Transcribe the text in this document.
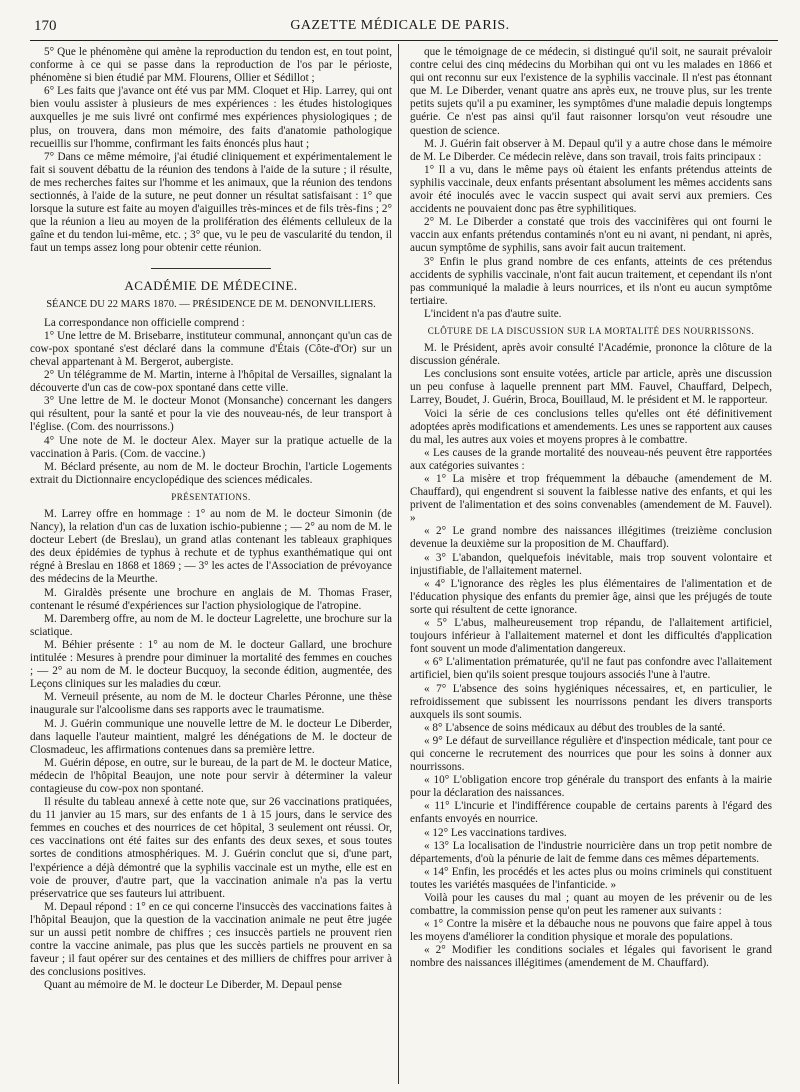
170	GAZETTE MÉDICALE DE PARIS.

5° Que le phénomène qui amène la reproduction du tendon est, en tout point, conforme à ce qui se passe dans la reproduction de l'os par le périoste, phénomène si bien étudié par MM. Flourens, Ollier et Sédillot ;

6° Les faits que j'avance ont été vus par MM. Cloquet et Hip. Larrey, qui ont bien voulu assister à plusieurs de mes expériences : les études histologiques auxquelles je me suis livré ont confirmé mes expériences physiologiques ; de plus, on trouvera, dans mon mémoire, des faits d'anatomie pathologique recueillis sur l'homme, confirmant les faits énoncés plus haut ;

7° Dans ce même mémoire, j'ai étudié cliniquement et expérimentalement le fait si souvent débattu de la réunion des tendons à l'aide de la suture ; il résulte, de mes recherches faites sur l'homme et les animaux, que la réunion des tendons sectionnés, à l'aide de la suture, ne peut donner un résultat satisfaisant : 1° que lorsque la suture est faite au moyen d'aiguilles très-minces et de fils très-fins ; 2° que la réunion a lieu au moyen de la prolifération des éléments celluleux de la gaîne et du tendon lui-même, etc. ; 3° que, vu le peu de vascularité du tendon, il faut un temps assez long pour obtenir cette réunion.

ACADÉMIE DE MÉDECINE.
SÉANCE DU 22 MARS 1870. — PRÉSIDENCE DE M. DENONVILLIERS.

La correspondance non officielle comprend :

1° Une lettre de M. Brisebarre, instituteur communal, annonçant qu'un cas de cow-pox spontané s'est déclaré dans la commune d'Étais (Côte-d'Or) sur un cheval appartenant à M. Bergerot, aubergiste.

2° Un télégramme de M. Martin, interne à l'hôpital de Versailles, signalant la découverte d'un cas de cow-pox spontané dans cette ville.

3° Une lettre de M. le docteur Monot (Monsanche) concernant les dangers qui résultent, pour la santé et pour la vie des nouveau-nés, de leur transport à l'église. (Com. des nourrissons.)

4° Une note de M. le docteur Alex. Mayer sur la pratique actuelle de la vaccination à Paris. (Com. de vaccine.)

M. Béclard présente, au nom de M. le docteur Brochin, l'article Logements extrait du Dictionnaire encyclopédique des sciences médicales.

PRÉSENTATIONS.

M. Larrey offre en hommage : 1° au nom de M. le docteur Simonin (de Nancy), la relation d'un cas de luxation ischio-pubienne ; — 2° au nom de M. le docteur Lebert (de Breslau), un grand atlas contenant les tableaux graphiques des deux épidémies de typhus à rechute et de typhus exanthématique qui ont régné à Breslau en 1868 et 1869 ; — 3° les actes de l'Association de prévoyance des médecins de la Meurthe.

M. Giraldès présente une brochure en anglais de M. Thomas Fraser, contenant le résumé d'expériences sur l'action physiologique de l'atropine.

M. Daremberg offre, au nom de M. le docteur Lagrelette, une brochure sur la sciatique.

M. Béhier présente : 1° au nom de M. le docteur Gallard, une brochure intitulée : Mesures à prendre pour diminuer la mortalité des femmes en couches ; — 2° au nom de M. le docteur Bucquoy, la seconde édition, augmentée, des Leçons cliniques sur les maladies du cœur.

M. Verneuil présente, au nom de M. le docteur Charles Péronne, une thèse inaugurale sur l'alcoolisme dans ses rapports avec le traumatisme.

M. J. Guérin communique une nouvelle lettre de M. le docteur Le Diberder, dans laquelle l'auteur maintient, malgré les dénégations de M. le docteur de Closmadeuc, les affirmations contenues dans sa première lettre.

M. Guérin dépose, en outre, sur le bureau, de la part de M. le docteur Matice, médecin de l'hôpital Beaujon, une note pour servir à déterminer la valeur contagieuse du cow-pox non spontané.

Il résulte du tableau annexé à cette note que, sur 26 vaccinations pratiquées, du 11 janvier au 15 mars, sur des enfants de 1 à 15 jours, dans le service des femmes en couches et des nourrices de cet hôpital, 3 seulement ont réussi. Or, ces vaccinations ont été faites sur des enfants des deux sexes, et sous toutes sortes de conditions atmosphériques. M. J. Guérin conclut que si, d'une part, l'expérience a déjà démontré que la syphilis vaccinale est un mythe, elle est en voie de prouver, d'autre part, que la vaccination animale n'a pas la vertu préservatrice que ses fauteurs lui attribuent.

M. Depaul répond : 1° en ce qui concerne l'insuccès des vaccinations faites à l'hôpital Beaujon, que la question de la vaccination animale ne peut être jugée sur un aussi petit nombre de chiffres ; ces insuccès partiels ne prouvent rien contre la vaccine animale, pas plus que les succès partiels ne prouvent en sa faveur ; il faut opérer sur des centaines et des milliers de chiffres pour arriver à des conclusions positives.

Quant au mémoire de M. le docteur Le Diberder, M. Depaul pense

que le témoignage de ce médecin, si distingué qu'il soit, ne saurait prévaloir contre celui des cinq médecins du Morbihan qui ont vu les malades en 1866 et qui ont reconnu sur eux l'existence de la syphilis vaccinale. Il n'est pas étonnant que M. Le Diberder, venant quatre ans après eux, ne trouve plus, sur les trente petits sujets qu'il a pu examiner, les symptômes d'une maladie depuis longtemps guérie. Ce n'est pas ainsi qu'il faut raisonner lorsqu'on veut résoudre une question de science.

M. J. Guérin fait observer à M. Depaul qu'il y a autre chose dans le mémoire de M. Le Diberder. Ce médecin relève, dans son travail, trois faits principaux :

1° Il a vu, dans le même pays où étaient les enfants prétendus atteints de syphilis vaccinale, deux enfants présentant absolument les mêmes accidents sans avoir été inoculés avec le vaccin suspect qui avait servi aux premiers. Ces accidents ne pouvaient donc pas être syphilitiques.

2° M. Le Diberder a constaté que trois des vaccinifères qui ont fourni le vaccin aux enfants prétendus contaminés n'ont eu ni avant, ni pendant, ni après, aucun symptôme de syphilis, sans avoir fait aucun traitement.

3° Enfin le plus grand nombre de ces enfants, atteints de ces prétendus accidents de syphilis vaccinale, n'ont fait aucun traitement, et cependant ils n'ont pas communiqué la maladie à leurs nourrices, et ils n'ont eu aucun symptôme tertiaire.

L'incident n'a pas d'autre suite.

CLÔTURE DE LA DISCUSSION SUR LA MORTALITÉ DES NOURRISSONS.

M. le Président, après avoir consulté l'Académie, prononce la clôture de la discussion générale.

Les conclusions sont ensuite votées, article par article, après une discussion un peu confuse à laquelle prennent part MM. Fauvel, Chauffard, Delpech, Larrey, Boudet, J. Guérin, Broca, Bouillaud, M. le président et M. le rapporteur.

Voici la série de ces conclusions telles qu'elles ont été définitivement adoptées après modifications et amendements. Les unes se rapportent aux causes du mal, les autres aux voies et moyens propres à le combattre.

« Les causes de la grande mortalité des nouveau-nés peuvent être rapportées aux catégories suivantes :

« 1° La misère et trop fréquemment la débauche (amendement de M. Chauffard), qui engendrent si souvent la faiblesse native des enfants, et qui les privent de l'alimentation et des soins convenables (amendement de M. Fauvel). »

« 2° Le grand nombre des naissances illégitimes (treizième conclusion devenue la deuxième sur la proposition de M. Chauffard).

« 3° L'abandon, quelquefois inévitable, mais trop souvent volontaire et injustifiable, de l'allaitement maternel.

« 4° L'ignorance des règles les plus élémentaires de l'alimentation et de l'éducation physique des enfants du premier âge, ainsi que les préjugés de toute sorte qui résultent de cette ignorance.

« 5° L'abus, malheureusement trop répandu, de l'allaitement artificiel, toujours inférieur à l'allaitement maternel et dont les difficultés d'application font souvent un mode d'alimentation dangereux.

« 6° L'alimentation prématurée, qu'il ne faut pas confondre avec l'allaitement artificiel, bien qu'ils soient presque toujours associés l'une à l'autre.

« 7° L'absence des soins hygiéniques nécessaires, et, en particulier, le refroidissement que subissent les nourrissons pendant les divers transports auxquels ils sont soumis.

« 8° L'absence de soins médicaux au début des troubles de la santé.

« 9° Le défaut de surveillance régulière et d'inspection médicale, tant pour ce qui concerne le recrutement des nourrices que pour les soins à donner aux nourrissons.

« 10° L'obligation encore trop générale du transport des enfants à la mairie pour la déclaration des naissances.

« 11° L'incurie et l'indifférence coupable de certains parents à l'égard des enfants envoyés en nourrice.

« 12° Les vaccinations tardives.

« 13° La localisation de l'industrie nourricière dans un trop petit nombre de départements, d'où la pénurie de lait de femme dans ces mêmes départements.

« 14° Enfin, les procédés et les actes plus ou moins criminels qui constituent toutes les variétés masquées de l'infanticide. »

Voilà pour les causes du mal ; quant au moyen de les prévenir ou de les combattre, la commission pense qu'on peut les ramener aux suivants :

« 1° Contre la misère et la débauche nous ne pouvons que faire appel à tous les moyens d'améliorer la condition physique et morale des populations.

« 2° Modifier les conditions sociales et légales qui favorisent le grand nombre des naissances illégitimes (amendement de M. Chauffard).
